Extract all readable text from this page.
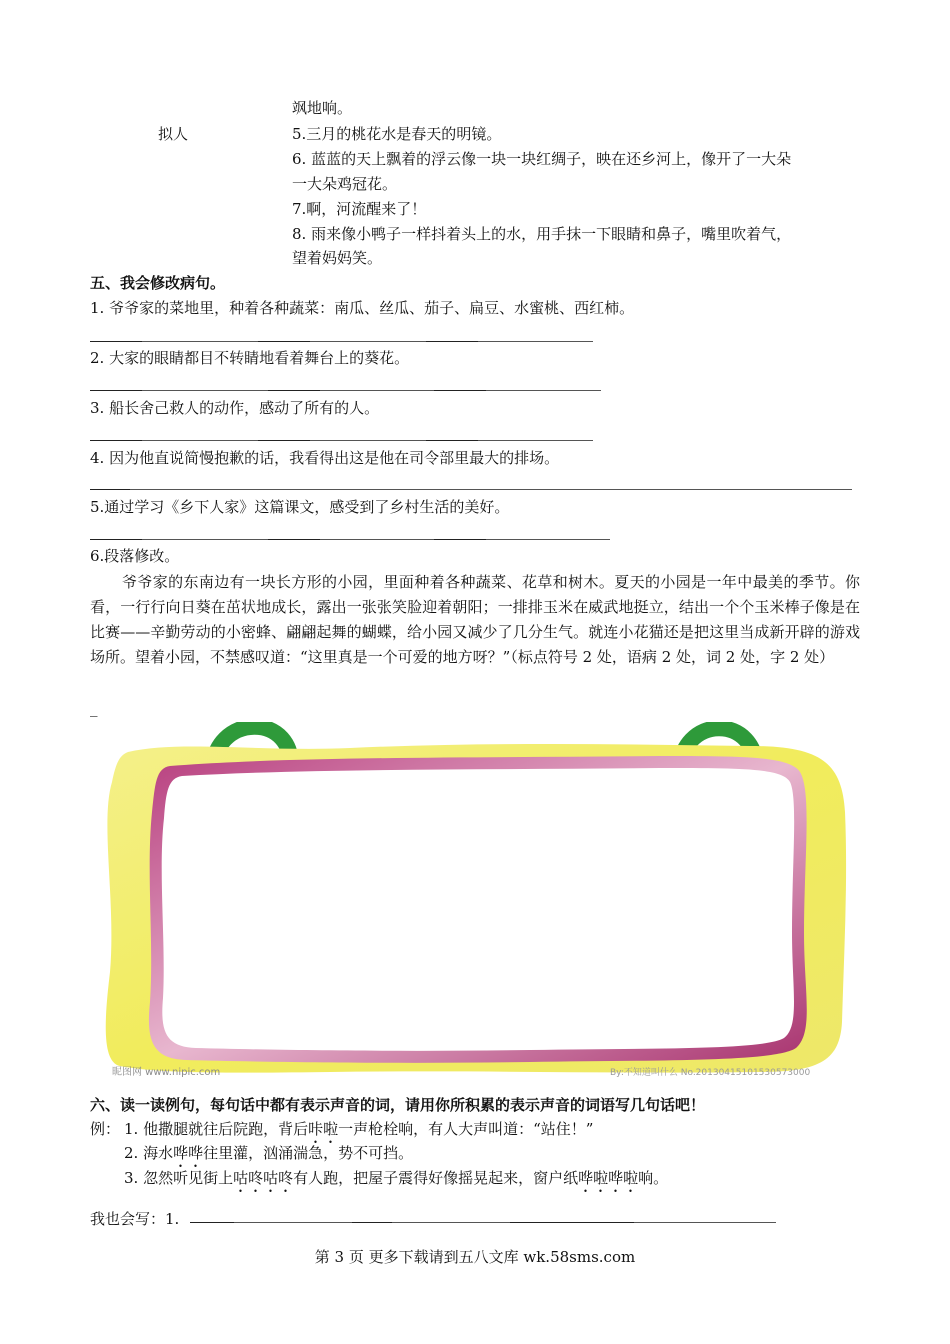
飒地响。
拟人	5.三月的桃花水是春天的明镜。
6. 蓝蓝的天上飘着的浮云像一块一块红绸子，映在还乡河上，像开了一大朵
一大朵鸡冠花。
7.啊，河流醒来了！
8. 雨来像小鸭子一样抖着头上的水，用手抹一下眼睛和鼻子，嘴里吹着气，
望着妈妈笑。
五、我会修改病句。
1. 爷爷家的菜地里，种着各种蔬菜：南瓜、丝瓜、茄子、扁豆、水蜜桃、西红柿。
2. 大家的眼睛都目不转睛地看着舞台上的葵花。
3. 船长舍己救人的动作，感动了所有的人。
4. 因为他直说简慢抱歉的话，我看得出这是他在司令部里最大的排场。
5.通过学习《乡下人家》这篇课文，感受到了乡村生活的美好。
6.段落修改。
爷爷家的东南边有一块长方形的小园，里面种着各种蔬菜、花草和树木。夏天的小园是一年中最美的季节。你看，一行行向日葵在茁状地成长，露出一张张笑脸迎着朝阳；一排排玉米在威武地挺立，结出一个个玉米棒子像是在比赛——辛勤劳动的小密蜂、翩翩起舞的蝴蝶，给小园又减少了几分生气。就连小花猫还是把这里当成新开辟的游戏场所。望着小园，不禁感叹道：“这里真是一个可爱的地方呀？”（标点符号 2 处，语病 2 处，词 2 处，字 2 处）
_
昵图网 www.nipic.com	By:不知道叫什么 No.20130415101530573000
六、读一读例句，每句话中都有表示声音的词，请用你所积累的表示声音的词语写几句话吧！
例： 1. 他撒腿就往后院跑，背后咔啦一声枪栓响，有人大声叫道：“站住！”
2. 海水哗哗往里灌，汹涌湍急，势不可挡。
3. 忽然听见街上咕咚咕咚有人跑，把屋子震得好像摇晃起来，窗户纸哗啦哗啦响。
我也会写：1.
第 3 页 更多下载请到五八文库 wk.58sms.com
